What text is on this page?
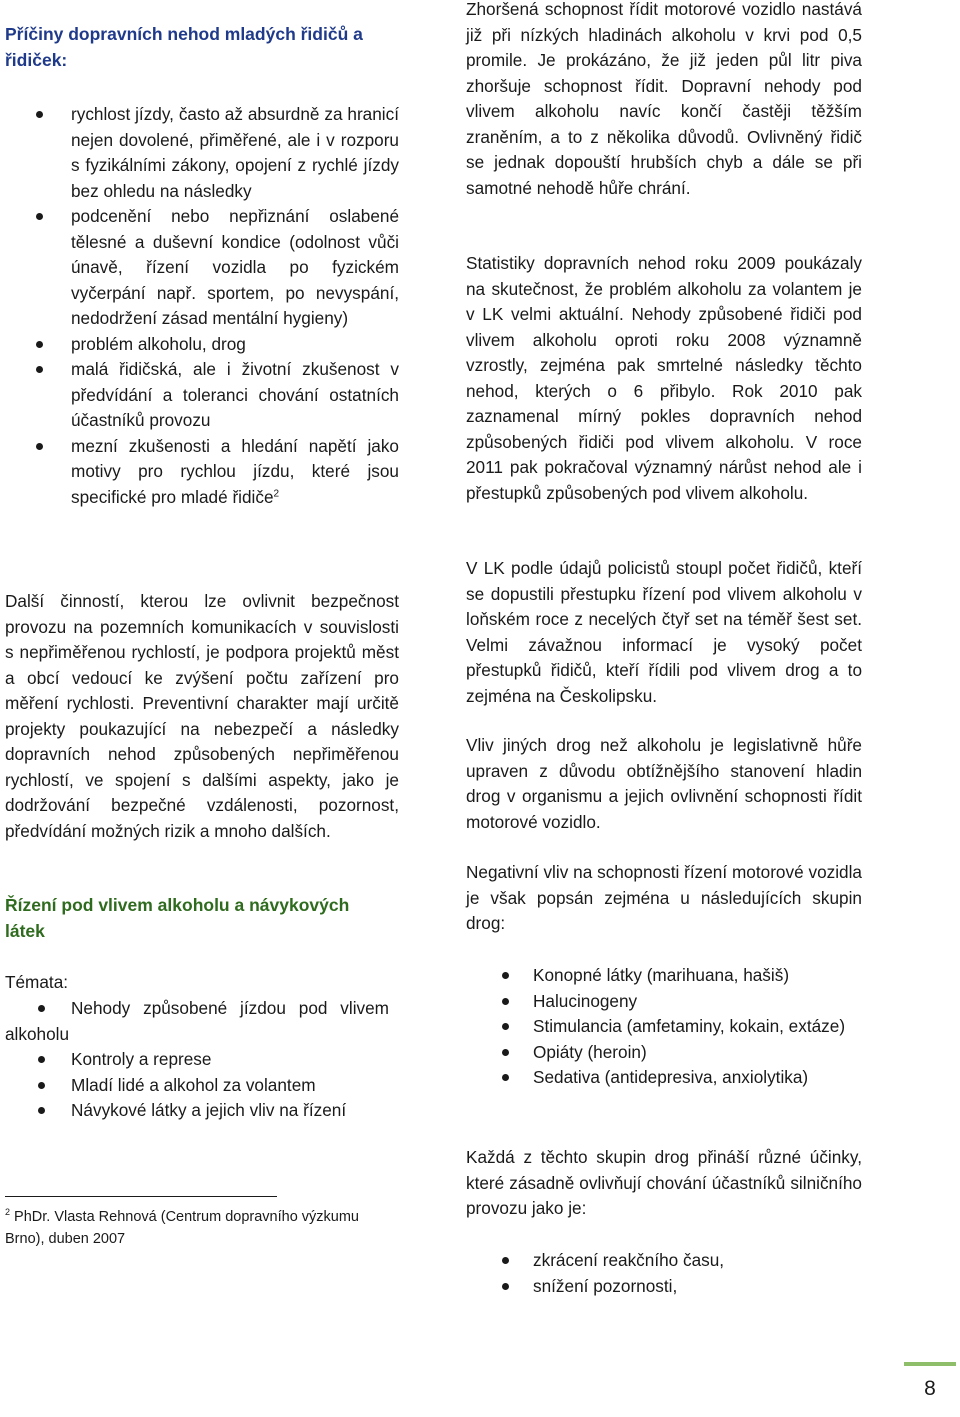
Příčiny dopravních nehod mladých řidičů a řidiček:
rychlost jízdy, často až absurdně za hranicí nejen dovolené, přiměřené, ale i v rozporu s fyzikálními zákony, opojení z rychlé jízdy bez ohledu na následky
podcenění nebo nepřiznání oslabené tělesné a duševní kondice (odolnost vůči únavě, řízení vozidla po fyzickém vyčerpání např. sportem, po nevyspání, nedodržení zásad mentální hygieny)
problém alkoholu, drog
malá řidičská, ale i životní zkušenost v předvídání a toleranci chování ostatních účastníků provozu
mezní zkušenosti a hledání napětí jako motivy pro rychlou jízdu, které jsou specifické pro mladé řidiče$^2$

Další činností, kterou lze ovlivnit bezpečnost provozu na pozemních komunikacích v souvislosti s nepřiměřenou rychlostí, je podpora projektů měst a obcí vedoucí ke zvýšení počtu zařízení pro měření rychlosti. Preventivní charakter mají určitě projekty poukazující na nebezpečí a následky dopravních nehod způsobených nepřiměřenou rychlostí, ve spojení s dalšími aspekty, jako je dodržování bezpečné vzdálenosti, pozornost, předvídání možných rizik a mnoho dalších.

Řízení pod vlivem alkoholu a návykových látek
Témata:
Nehody způsobené jízdou pod vlivem alkoholu
Kontroly a represe
Mladí lidé a alkohol za volantem
Návykové látky a jejich vliv na řízení
$^2$ PhDr. Vlasta Rehnová (Centrum dopravního výzkumu Brno), duben 2007

Zhoršená schopnost řídit motorové vozidlo nastává již při nízkých hladinách alkoholu v krvi pod 0,5 promile. Je prokázáno, že již jeden půl litr piva zhoršuje schopnost řídit. Dopravní nehody pod vlivem alkoholu navíc končí častěji těžším zraněním, a to z několika důvodů. Ovlivněný řidič se jednak dopouští hrubších chyb a dále se při samotné nehodě hůře chrání.

Statistiky dopravních nehod roku 2009 poukázaly na skutečnost, že problém alkoholu za volantem je v LK velmi aktuální. Nehody způsobené řidiči pod vlivem alkoholu oproti roku 2008 významně vzrostly, zejména pak smrtelné následky těchto nehod, kterých o 6 přibylo. Rok 2010 pak zaznamenal mírný pokles dopravních nehod způsobených řidiči pod vlivem alkoholu. V roce 2011 pak pokračoval významný nárůst nehod ale i přestupků způsobených pod vlivem alkoholu.

V LK podle údajů policistů stoupl počet řidičů, kteří se dopustili přestupku řízení pod vlivem alkoholu v loňském roce z necelých čtyř set na téměř šest set. Velmi závažnou informací je vysoký počet přestupků řidičů, kteří řídili pod vlivem drog a to zejména na Českolipsku.

Vliv jiných drog než alkoholu je legislativně hůře upraven z důvodu obtížnějšího stanovení hladin drog v organismu a jejich ovlivnění schopnosti řídit motorové vozidlo.

Negativní vliv na schopnosti řízení motorové vozidla je však popsán zejména u následujících skupin drog:

Konopné látky (marihuana, hašiš)
Halucinogeny
Stimulancia (amfetaminy, kokain, extáze)
Opiáty (heroin)
Sedativa (antidepresiva, anxiolytika)

Každá z těchto skupin drog přináší různé účinky, které zásadně ovlivňují chování účastníků silničního provozu jako je:

zkrácení reakčního času,
snížení pozornosti,
8
